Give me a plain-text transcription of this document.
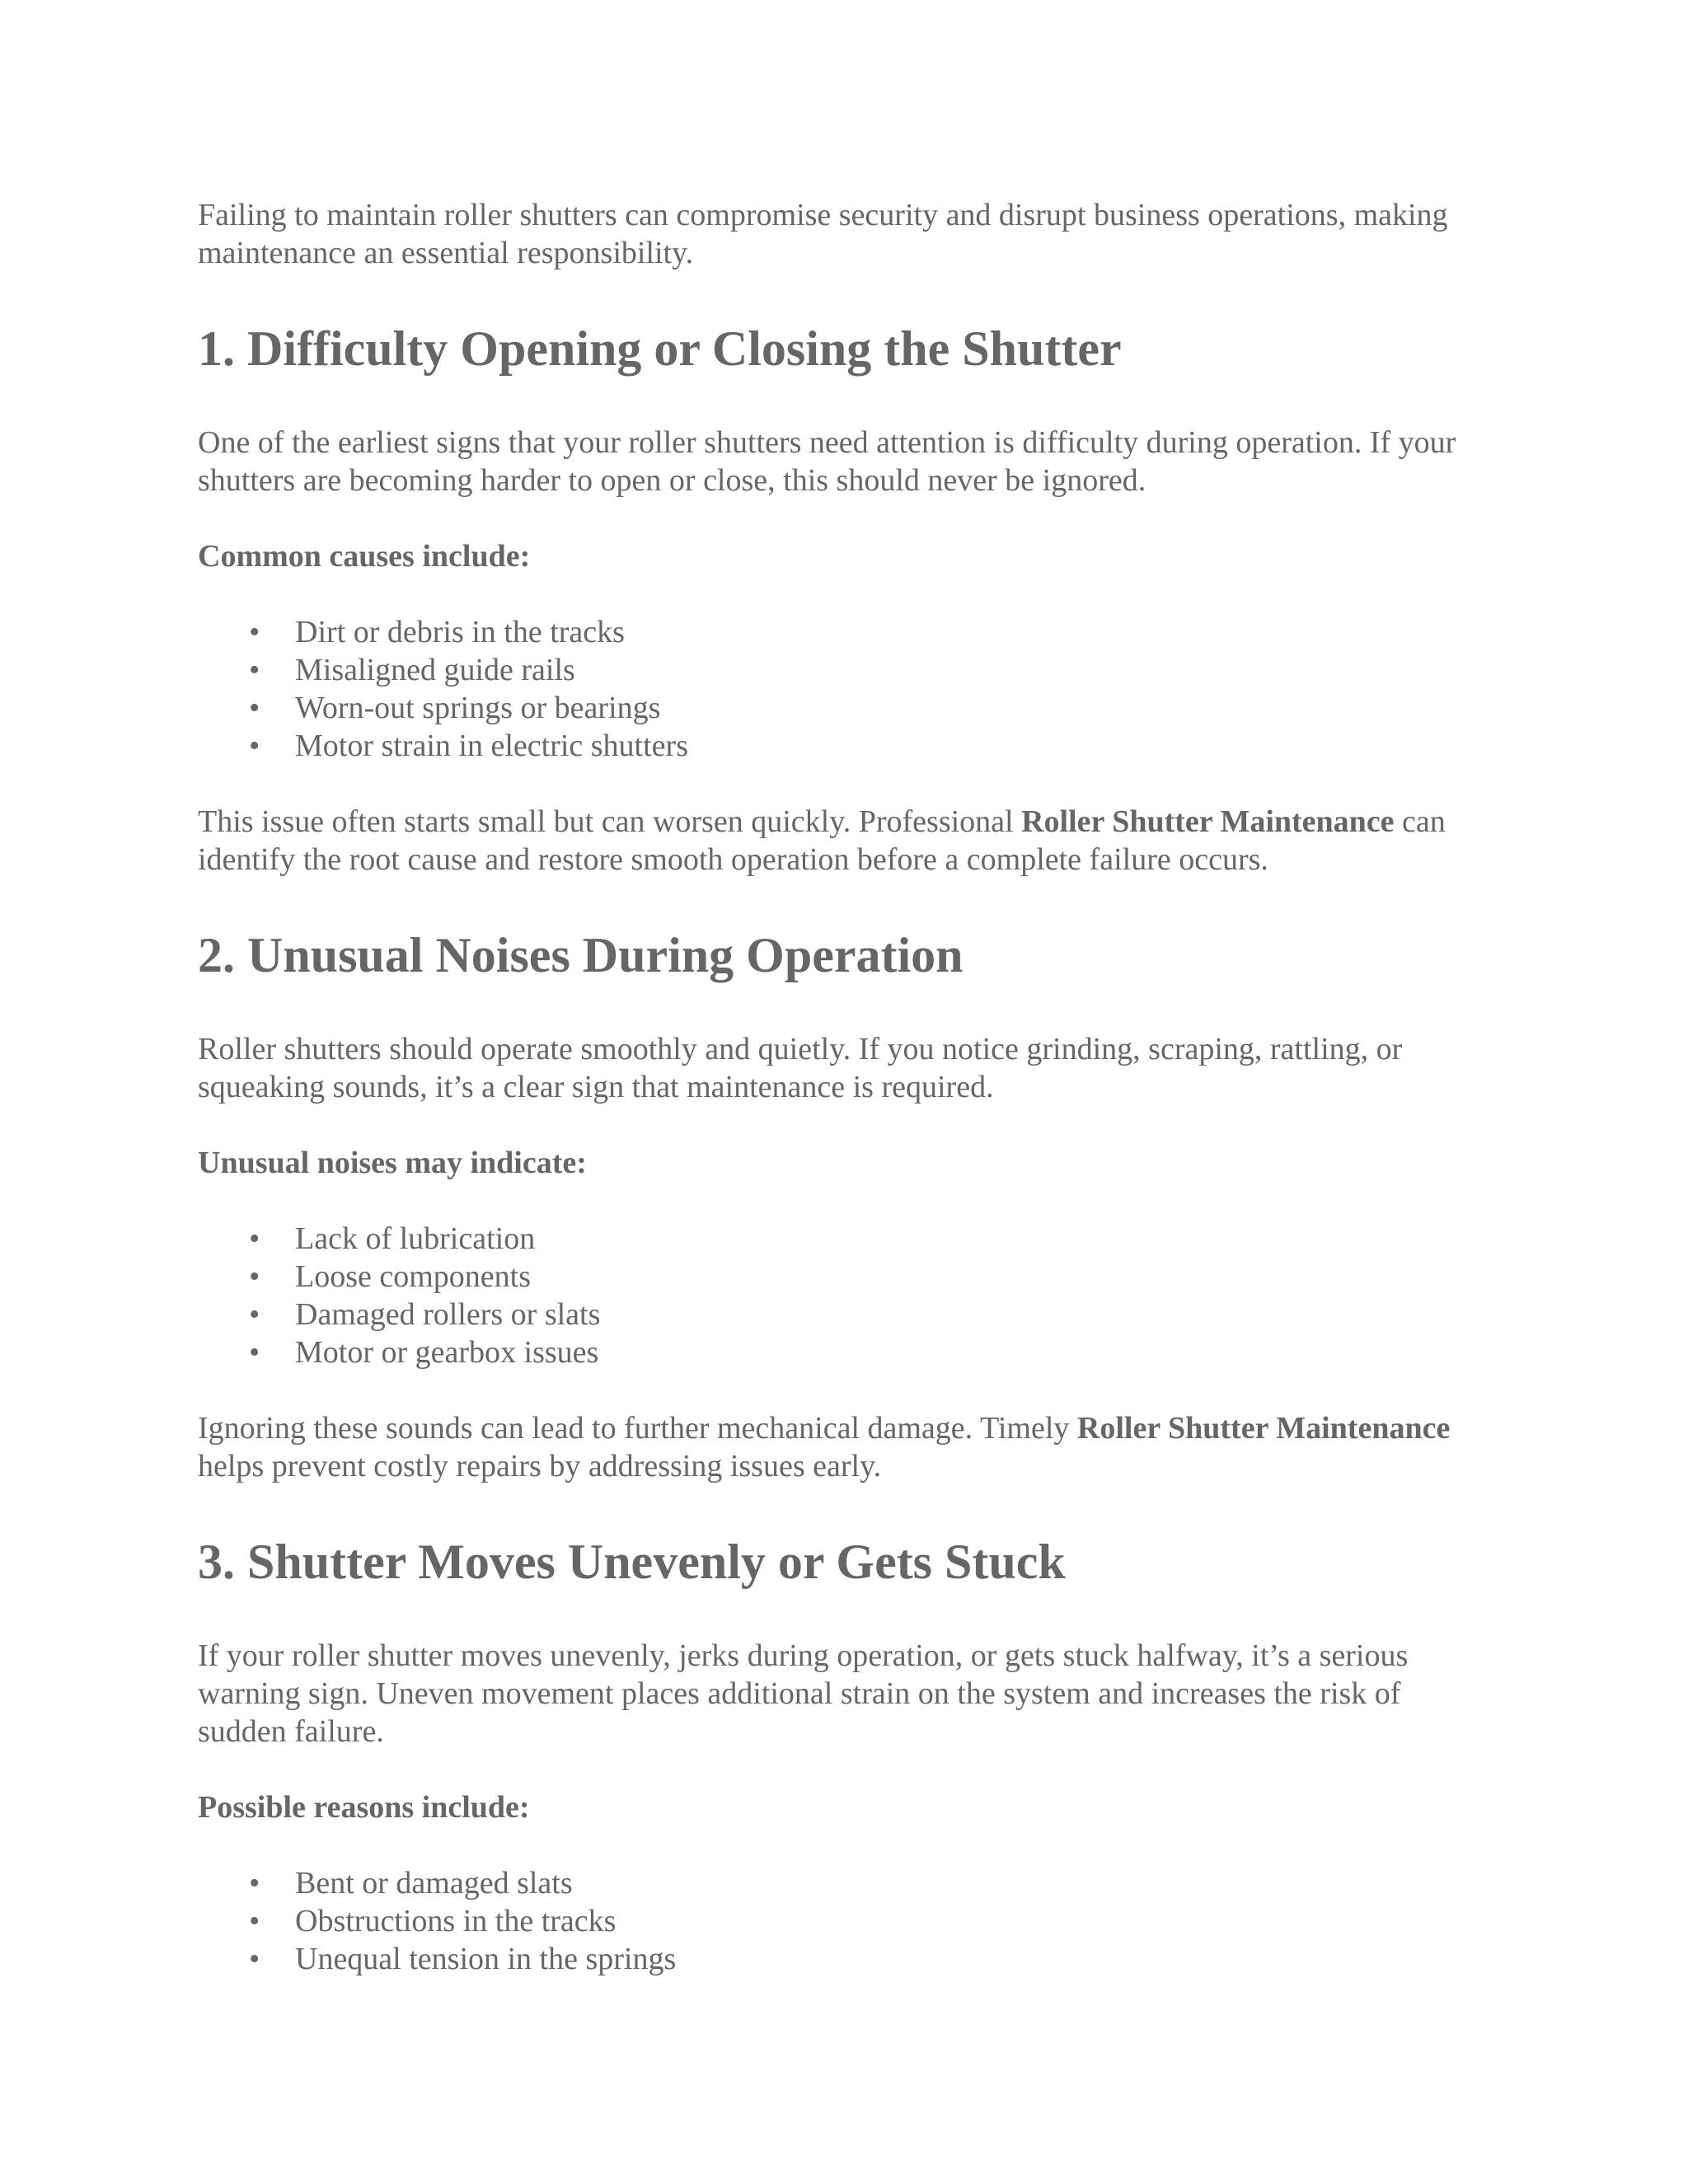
Failing to maintain roller shutters can compromise security and disrupt business operations, making maintenance an essential responsibility.

1. Difficulty Opening or Closing the Shutter

One of the earliest signs that your roller shutters need attention is difficulty during operation. If your shutters are becoming harder to open or close, this should never be ignored.

Common causes include:

• Dirt or debris in the tracks
• Misaligned guide rails
• Worn-out springs or bearings
• Motor strain in electric shutters

This issue often starts small but can worsen quickly. Professional Roller Shutter Maintenance can identify the root cause and restore smooth operation before a complete failure occurs.

2. Unusual Noises During Operation

Roller shutters should operate smoothly and quietly. If you notice grinding, scraping, rattling, or squeaking sounds, it’s a clear sign that maintenance is required.

Unusual noises may indicate:

• Lack of lubrication
• Loose components
• Damaged rollers or slats
• Motor or gearbox issues

Ignoring these sounds can lead to further mechanical damage. Timely Roller Shutter Maintenance helps prevent costly repairs by addressing issues early.

3. Shutter Moves Unevenly or Gets Stuck

If your roller shutter moves unevenly, jerks during operation, or gets stuck halfway, it’s a serious warning sign. Uneven movement places additional strain on the system and increases the risk of sudden failure.

Possible reasons include:

• Bent or damaged slats
• Obstructions in the tracks
• Unequal tension in the springs
